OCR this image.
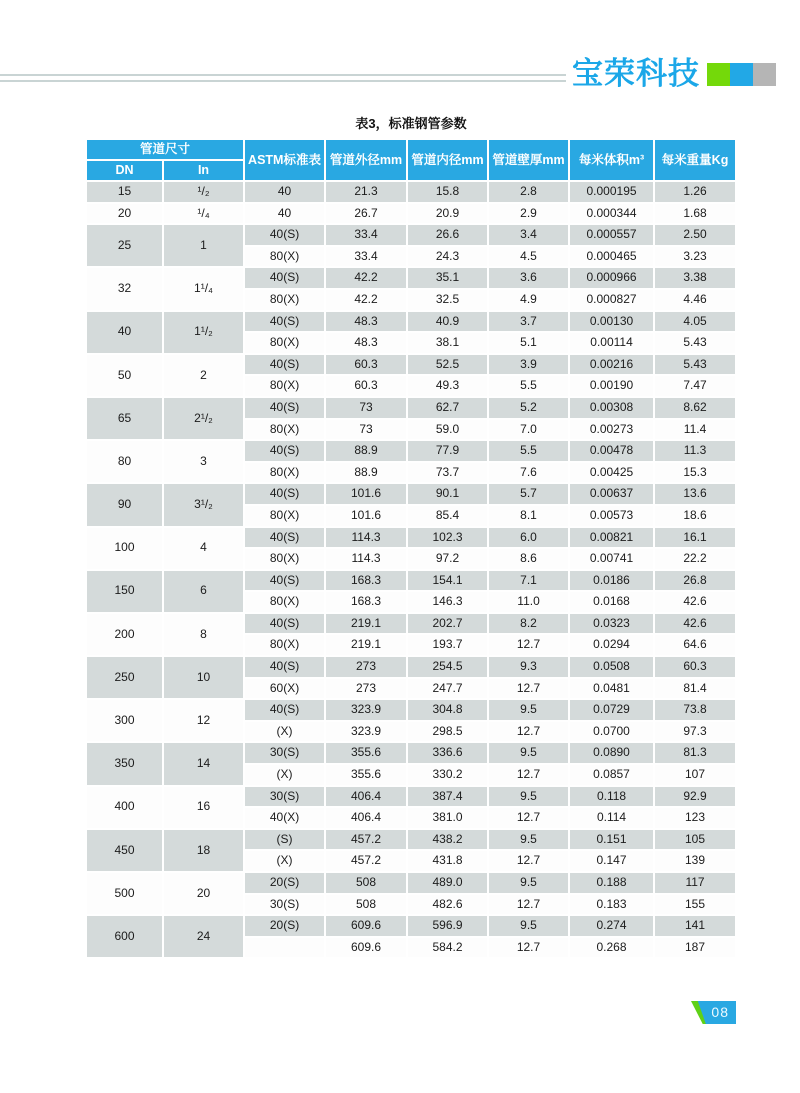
宝荣科技
表3，标准钢管参数
管道尺寸		ASTM标准表	管道外径mm	管道内径mm	管道壁厚mm	每米体积m³	每米重量Kg
DN	In						
15	¹/₂	40	21.3	15.8	2.8	0.000195	1.26
20	¹/₄	40	26.7	20.9	2.9	0.000344	1.68
25	1	40(S)	33.4	26.6	3.4	0.000557	2.50
		80(X)	33.4	24.3	4.5	0.000465	3.23
32	1¹/₄	40(S)	42.2	35.1	3.6	0.000966	3.38
		80(X)	42.2	32.5	4.9	0.000827	4.46
40	1¹/₂	40(S)	48.3	40.9	3.7	0.00130	4.05
		80(X)	48.3	38.1	5.1	0.00114	5.43
50	2	40(S)	60.3	52.5	3.9	0.00216	5.43
		80(X)	60.3	49.3	5.5	0.00190	7.47
65	2¹/₂	40(S)	73	62.7	5.2	0.00308	8.62
		80(X)	73	59.0	7.0	0.00273	11.4
80	3	40(S)	88.9	77.9	5.5	0.00478	11.3
		80(X)	88.9	73.7	7.6	0.00425	15.3
90	3¹/₂	40(S)	101.6	90.1	5.7	0.00637	13.6
		80(X)	101.6	85.4	8.1	0.00573	18.6
100	4	40(S)	114.3	102.3	6.0	0.00821	16.1
		80(X)	114.3	97.2	8.6	0.00741	22.2
150	6	40(S)	168.3	154.1	7.1	0.0186	26.8
		80(X)	168.3	146.3	11.0	0.0168	42.6
200	8	40(S)	219.1	202.7	8.2	0.0323	42.6
		80(X)	219.1	193.7	12.7	0.0294	64.6
250	10	40(S)	273	254.5	9.3	0.0508	60.3
		60(X)	273	247.7	12.7	0.0481	81.4
300	12	40(S)	323.9	304.8	9.5	0.0729	73.8
		(X)	323.9	298.5	12.7	0.0700	97.3
350	14	30(S)	355.6	336.6	9.5	0.0890	81.3
		(X)	355.6	330.2	12.7	0.0857	107
400	16	30(S)	406.4	387.4	9.5	0.118	92.9
		40(X)	406.4	381.0	12.7	0.114	123
450	18	(S)	457.2	438.2	9.5	0.151	105
		(X)	457.2	431.8	12.7	0.147	139
500	20	20(S)	508	489.0	9.5	0.188	117
		30(S)	508	482.6	12.7	0.183	155
600	24	20(S)	609.6	596.9	9.5	0.274	141
			609.6	584.2	12.7	0.268	187
08
